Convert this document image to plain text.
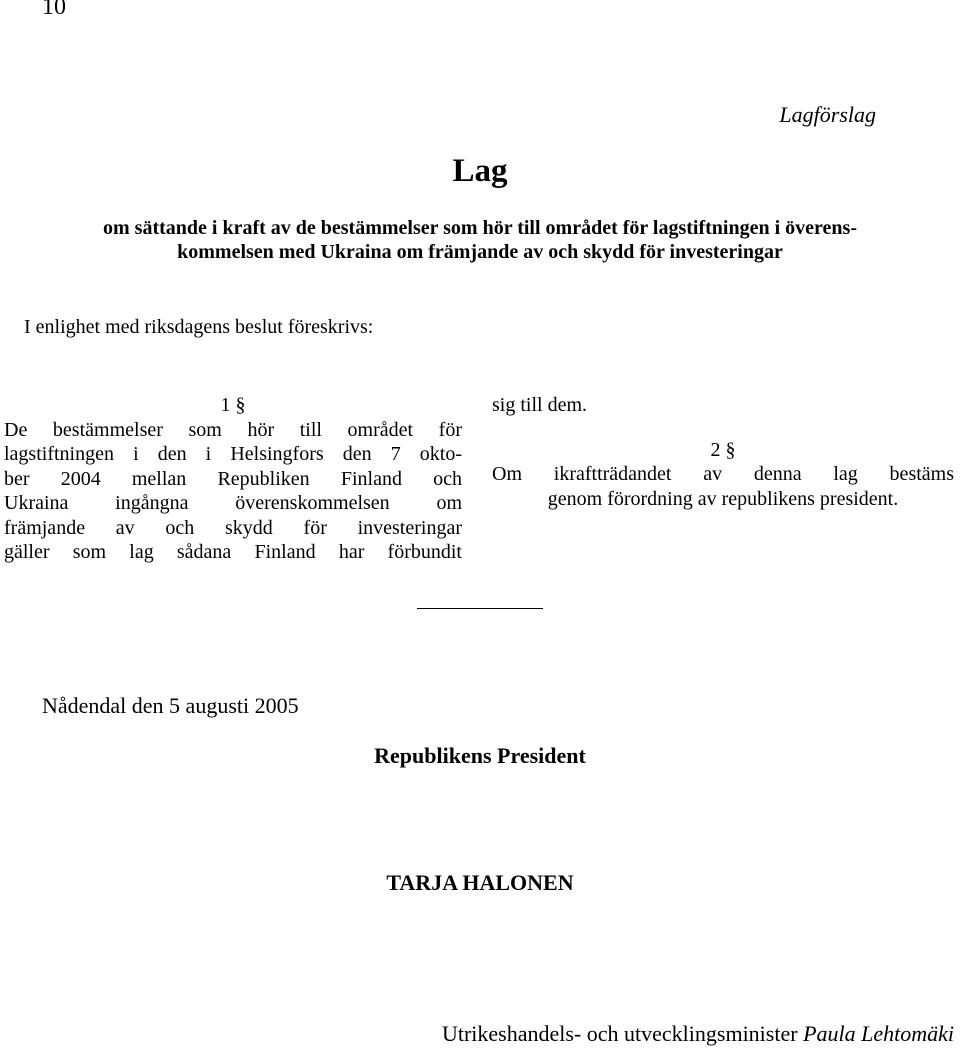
10
Lagförslag
Lag
om sättande i kraft av de bestämmelser som hör till området för lagstiftningen i överens-
kommelsen med Ukraina om främjande av och skydd för investeringar
I enlighet med riksdagens beslut föreskrivs:
1 §
De bestämmelser som hör till området för
lagstiftningen i den i Helsingfors den 7 okto-
ber 2004 mellan Republiken Finland och
Ukraina ingångna överenskommelsen om
främjande av och skydd för investeringar
gäller som lag sådana Finland har förbundit
sig till dem.
2 §
Om ikraftträdandet av denna lag bestäms
genom förordning av republikens president.
Nådendal den 5 augusti 2005
Republikens President
TARJA HALONEN
Utrikeshandels- och utvecklingsminister Paula Lehtomäki
